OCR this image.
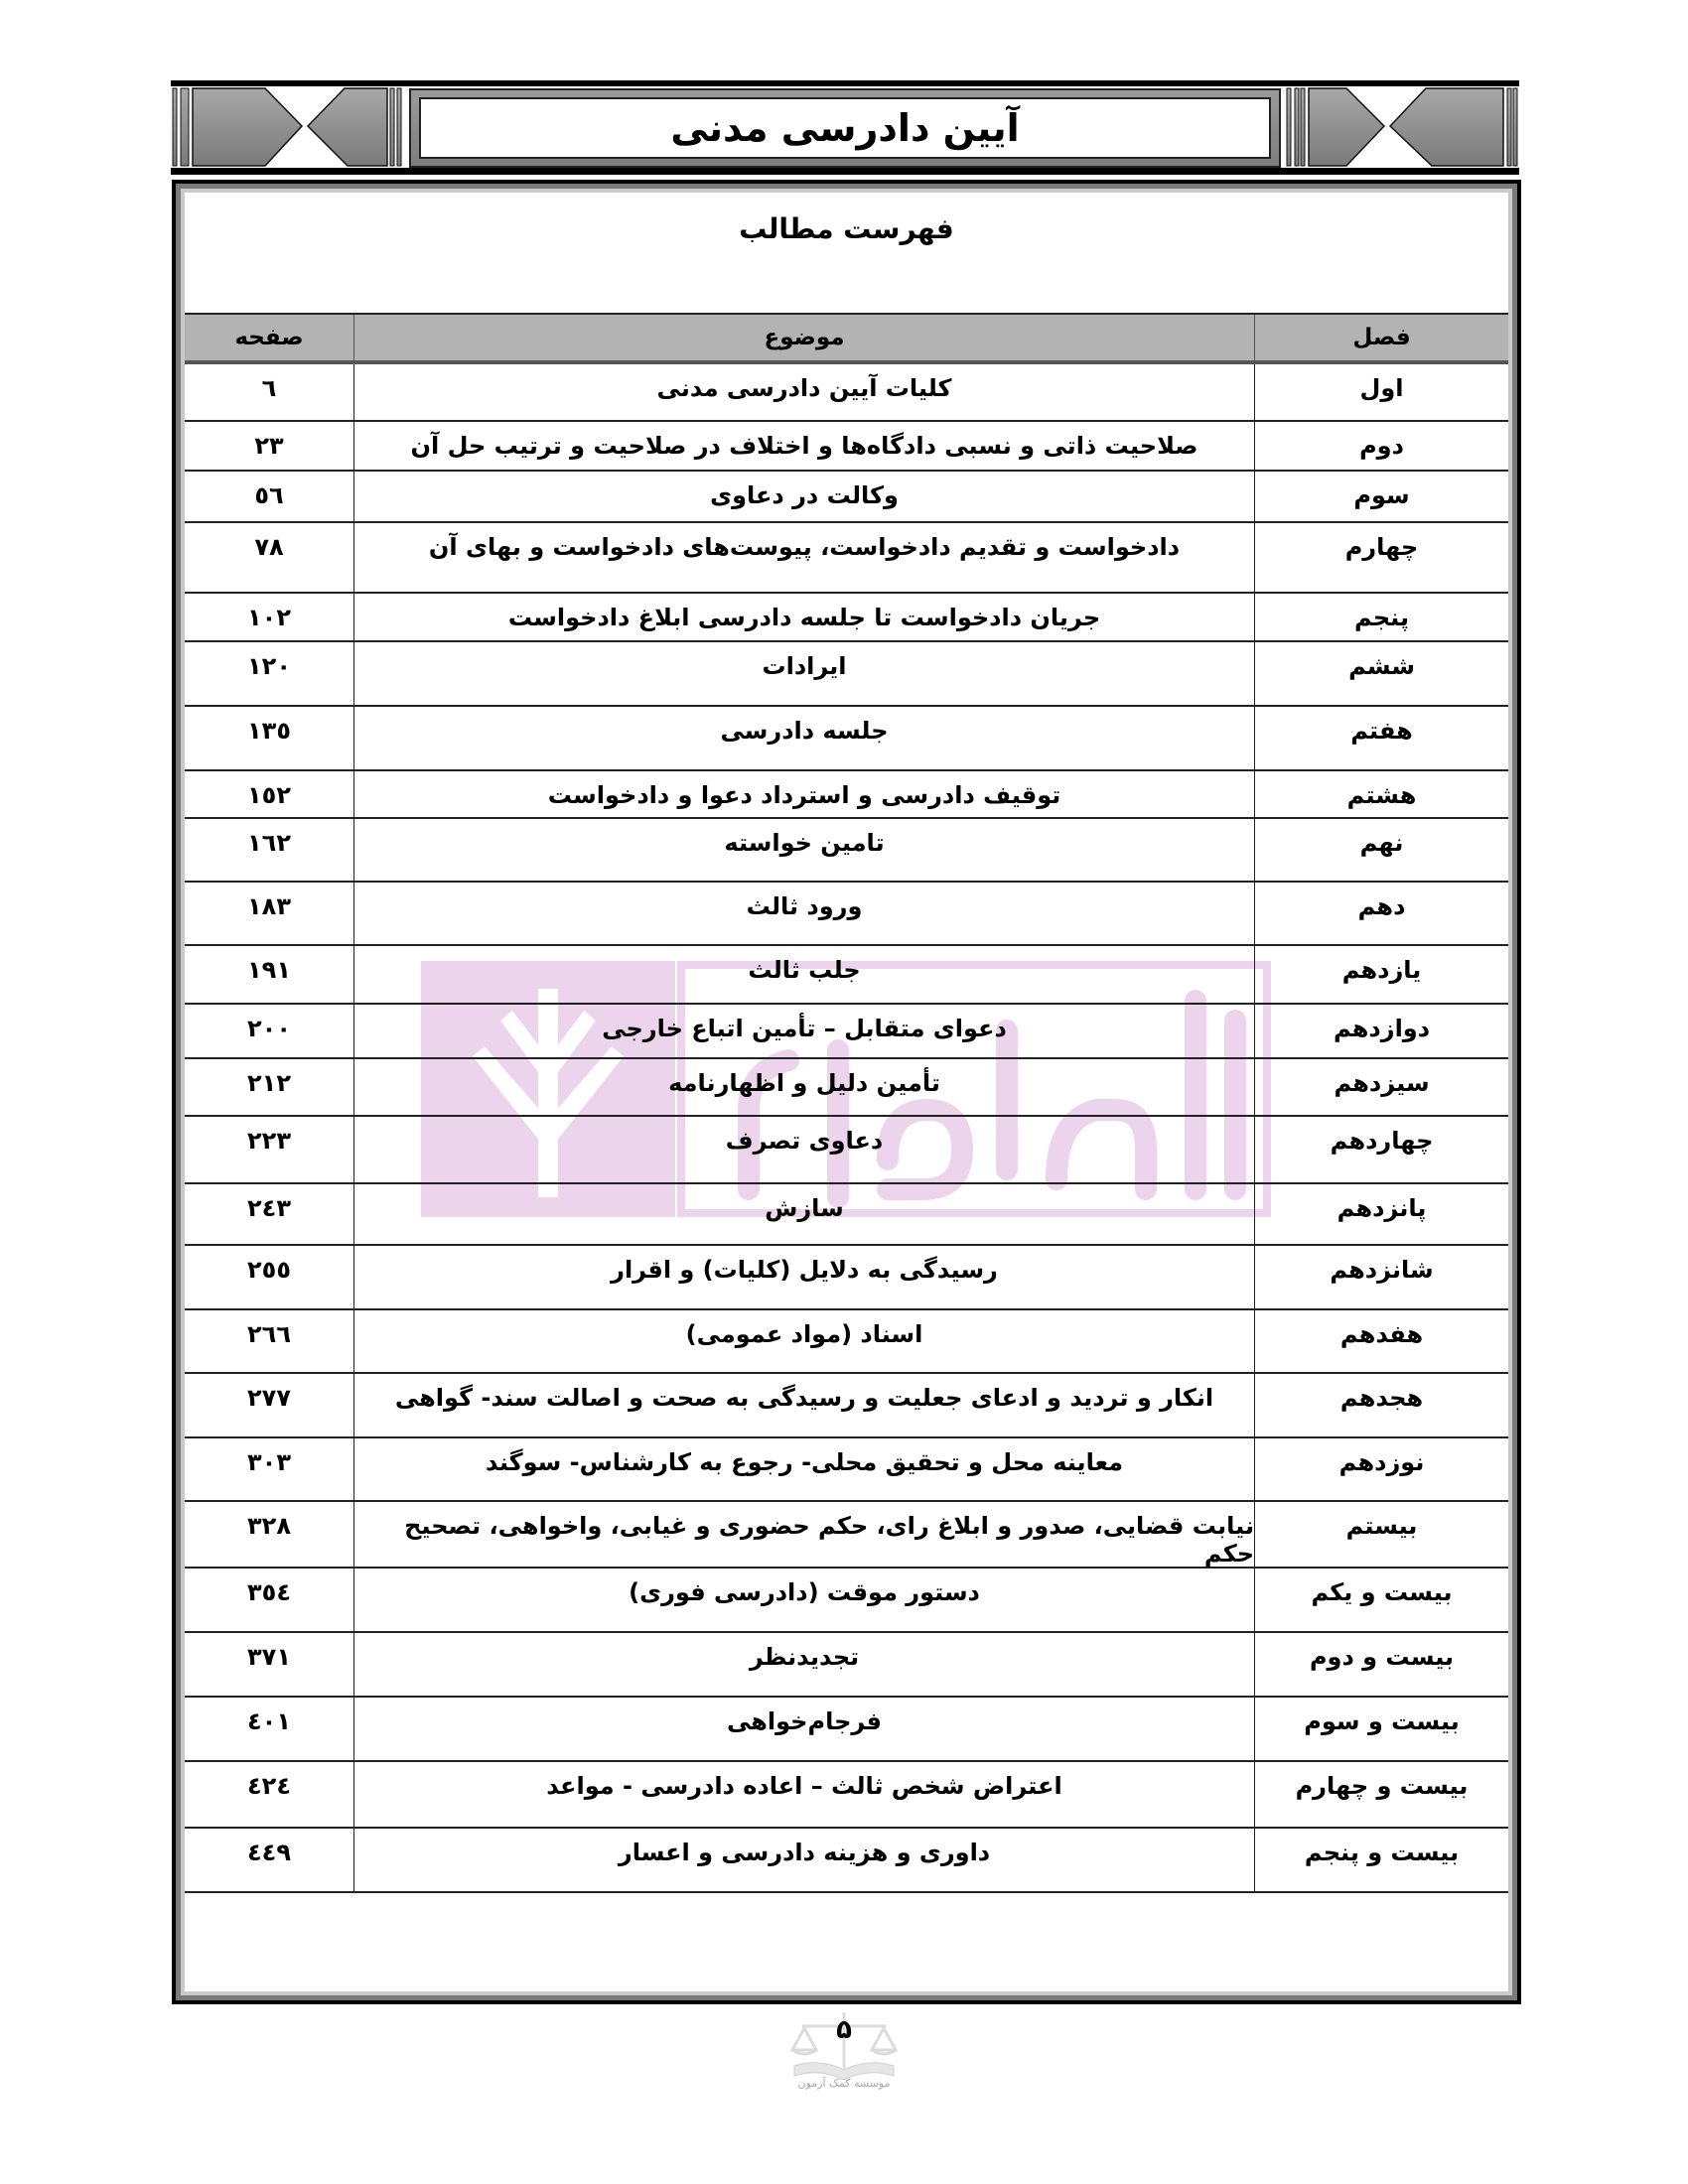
آیین دادرسی مدنی
فهرست مطالب
فصل
موضوع
صفحه
اول
کلیات آیین دادرسی مدنی
٦
دوم
صلاحیت ذاتی و نسبی دادگاه‌ها و اختلاف در صلاحیت و ترتیب حل آن
٢٣
سوم
وکالت در دعاوی
٥٦
چهارم
دادخواست و تقدیم دادخواست، پیوست‌های دادخواست و بهای آن
٧٨
پنجم
جریان دادخواست تا جلسه دادرسی ابلاغ دادخواست
١٠٢
ششم
ایرادات
١٢٠
هفتم
جلسه دادرسی
١٣٥
هشتم
توقیف دادرسی و استرداد دعوا و دادخواست
١٥٢
نهم
تامین خواسته
١٦٢
دهم
ورود ثالث
١٨٣
یازدهم
جلب ثالث
١٩١
دوازدهم
دعوای متقابل – تأمین اتباع خارجی
٢٠٠
سیزدهم
تأمین دلیل و اظهارنامه
٢١٢
چهاردهم
دعاوی تصرف
٢٢٣
پانزدهم
سازش
٢٤٣
شانزدهم
رسیدگی به دلایل (کلیات) و اقرار
٢٥٥
هفدهم
اسناد (مواد عمومی)
٢٦٦
هجدهم
انکار و تردید و ادعای جعلیت و رسیدگی به صحت و اصالت سند- گواهی
٢٧٧
نوزدهم
معاینه محل و تحقیق محلی- رجوع به کارشناس- سوگند
٣٠٣
بیستم
نیابت قضایی، صدور و ابلاغ رای، حکم حضوری و غیابی، واخواهی، تصحیح حکم
٣٢٨
بیست و یکم
دستور موقت (دادرسی فوری)
٣٥٤
بیست و دوم
تجدیدنظر
٣٧١
بیست و سوم
فرجام‌خواهی
٤٠١
بیست و چهارم
اعتراض شخص ثالث – اعاده دادرسی - مواعد
٤٢٤
بیست و پنجم
داوری و هزینه دادرسی و اعسار
٤٤٩
۵
موسسه کمک آزمون
